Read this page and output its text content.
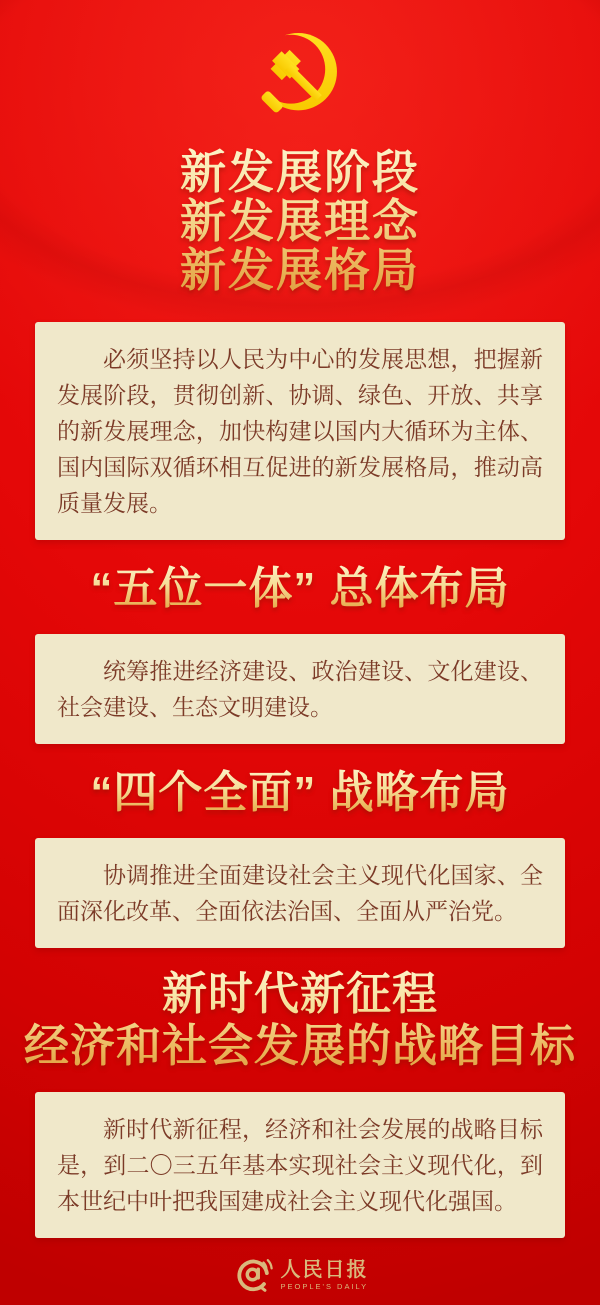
新发展阶段
新发展理念
新发展格局

必须坚持以人民为中心的发展思想，把握新发展阶段，贯彻创新、协调、绿色、开放、共享的新发展理念，加快构建以国内大循环为主体、国内国际双循环相互促进的新发展格局，推动高质量发展。

“五位一体” 总体布局

统筹推进经济建设、政治建设、文化建设、社会建设、生态文明建设。

“四个全面” 战略布局

协调推进全面建设社会主义现代化国家、全面深化改革、全面依法治国、全面从严治党。

新时代新征程
经济和社会发展的战略目标

新时代新征程，经济和社会发展的战略目标是，到二〇三五年基本实现社会主义现代化，到本世纪中叶把我国建成社会主义现代化强国。

人民日报
PEOPLE'S DAILY
